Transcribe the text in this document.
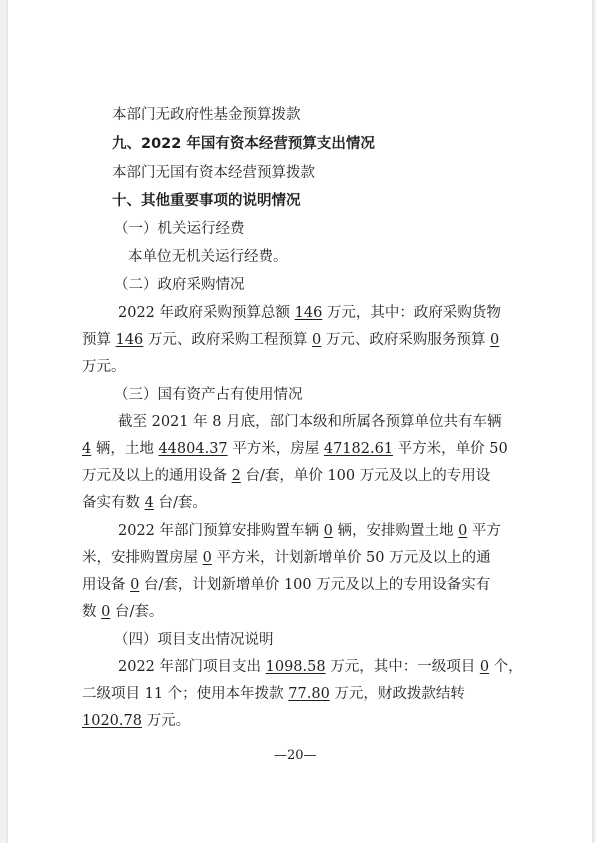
本部门无政府性基金预算拨款
九、2022 年国有资本经营预算支出情况
本部门无国有资本经营预算拨款
十、其他重要事项的说明情况
（一）机关运行经费
本单位无机关运行经费。
（二）政府采购情况
2022 年政府采购预算总额 146 万元，其中：政府采购货物
预算 146 万元、政府采购工程预算 0 万元、政府采购服务预算 0
万元。
（三）国有资产占有使用情况
截至 2021 年 8 月底，部门本级和所属各预算单位共有车辆
4 辆，土地 44804.37 平方米，房屋 47182.61 平方米，单价 50
万元及以上的通用设备 2 台/套，单价 100 万元及以上的专用设
备实有数 4 台/套。
2022 年部门预算安排购置车辆 0 辆，安排购置土地 0 平方
米，安排购置房屋 0 平方米，计划新增单价 50 万元及以上的通
用设备 0 台/套，计划新增单价 100 万元及以上的专用设备实有
数 0 台/套。
（四）项目支出情况说明
2022 年部门项目支出 1098.58 万元，其中：一级项目 0 个，
二级项目 11 个；使用本年拨款 77.80 万元，财政拨款结转
1020.78 万元。
—20—
